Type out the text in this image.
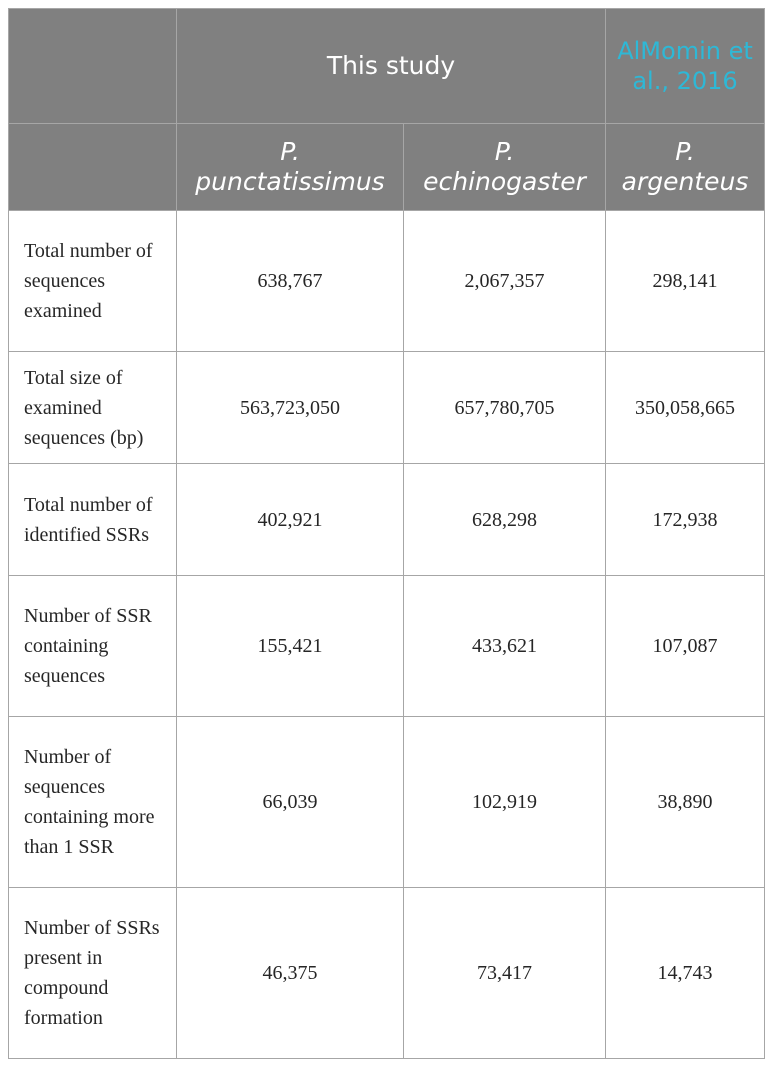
	This study		AlMomin et al., 2016
	P. punctatissimus	P. echinogaster	P. argenteus
Total number of sequences examined	638,767	2,067,357	298,141
Total size of examined sequences (bp)	563,723,050	657,780,705	350,058,665
Total number of identified SSRs	402,921	628,298	172,938
Number of SSR containing sequences	155,421	433,621	107,087
Number of sequences containing more than 1 SSR	66,039	102,919	38,890
Number of SSRs present in compound formation	46,375	73,417	14,743
